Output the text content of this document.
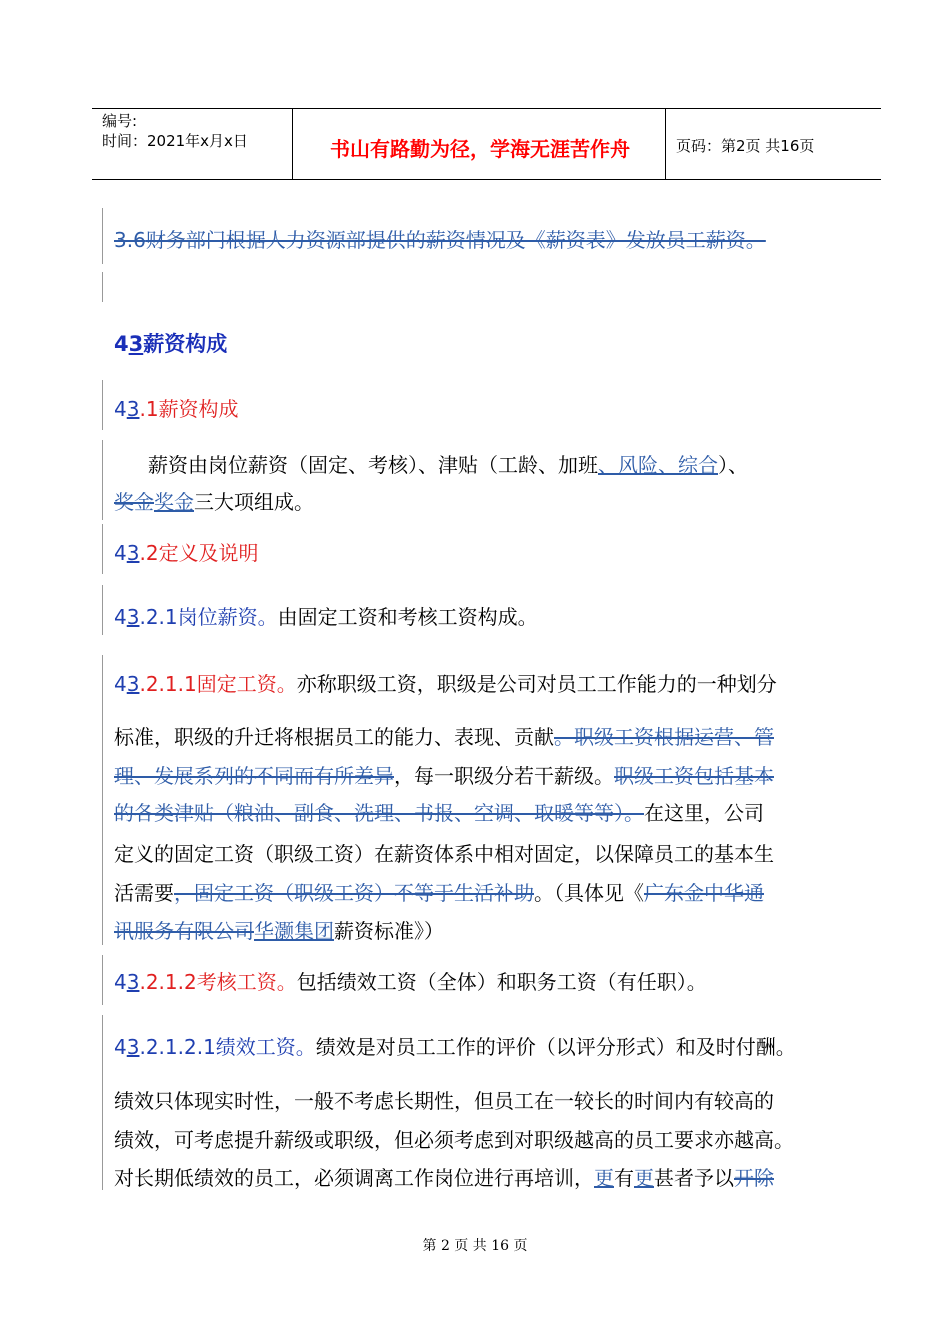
编号:
时间：2021年x月x日	书山有路勤为径，学海无涯苦作舟	页码：第2页 共16页
3.6财务部门根据人力资源部提供的薪资情况及《薪资表》发放员工薪资。
43薪资构成
43.1薪资构成
薪资由岗位薪资（固定、考核）、津贴（工龄、加班、风险、综合）、
奖金奖金三大项组成。
43.2定义及说明
43.2.1岗位薪资。由固定工资和考核工资构成。
43.2.1.1固定工资。亦称职级工资，职级是公司对员工工作能力的一种划分
标准，职级的升迁将根据员工的能力、表现、贡献。职级工资根据运营、管
理、发展系列的不同而有所差异，每一职级分若干薪级。职级工资包括基本
的各类津贴（粮油、副食、洗理、书报、空调、取暖等等）。在这里，公司
定义的固定工资（职级工资）在薪资体系中相对固定，以保障员工的基本生
活需要，固定工资（职级工资）不等于生活补助。（具体见《广东金中华通
讯服务有限公司华灏集团薪资标准》）
43.2.1.2考核工资。包括绩效工资（全体）和职务工资（有任职）。
43.2.1.2.1绩效工资。绩效是对员工工作的评价（以评分形式）和及时付酬。
绩效只体现实时性，一般不考虑长期性，但员工在一较长的时间内有较高的
绩效，可考虑提升薪级或职级，但必须考虑到对职级越高的员工要求亦越高。
对长期低绩效的员工，必须调离工作岗位进行再培训，更有更甚者予以开除
第 2 页 共 16 页
